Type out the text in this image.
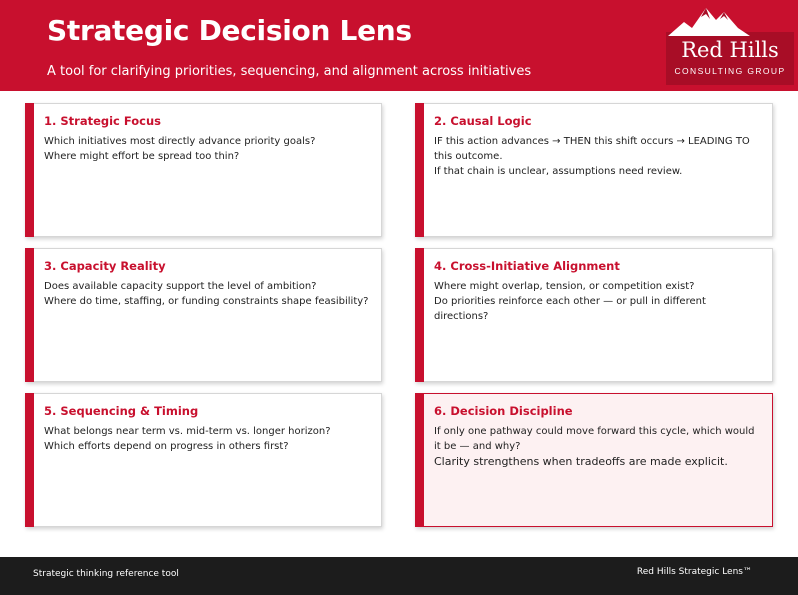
Strategic Decision Lens
A tool for clarifying priorities, sequencing, and alignment across initiatives
Red Hills
CONSULTING GROUP
1. Strategic Focus
Which initiatives most directly advance priority goals?
Where might effort be spread too thin?
2. Causal Logic
IF this action advances → THEN this shift occurs → LEADING TO this outcome.
If that chain is unclear, assumptions need review.
3. Capacity Reality
Does available capacity support the level of ambition?
Where do time, staffing, or funding constraints shape feasibility?
4. Cross-Initiative Alignment
Where might overlap, tension, or competition exist?
Do priorities reinforce each other — or pull in different directions?
5. Sequencing & Timing
What belongs near term vs. mid-term vs. longer horizon?
Which efforts depend on progress in others first?
6. Decision Discipline
If only one pathway could move forward this cycle, which would it be — and why?
Clarity strengthens when tradeoffs are made explicit.
Strategic thinking reference tool	Red Hills Strategic Lens™
